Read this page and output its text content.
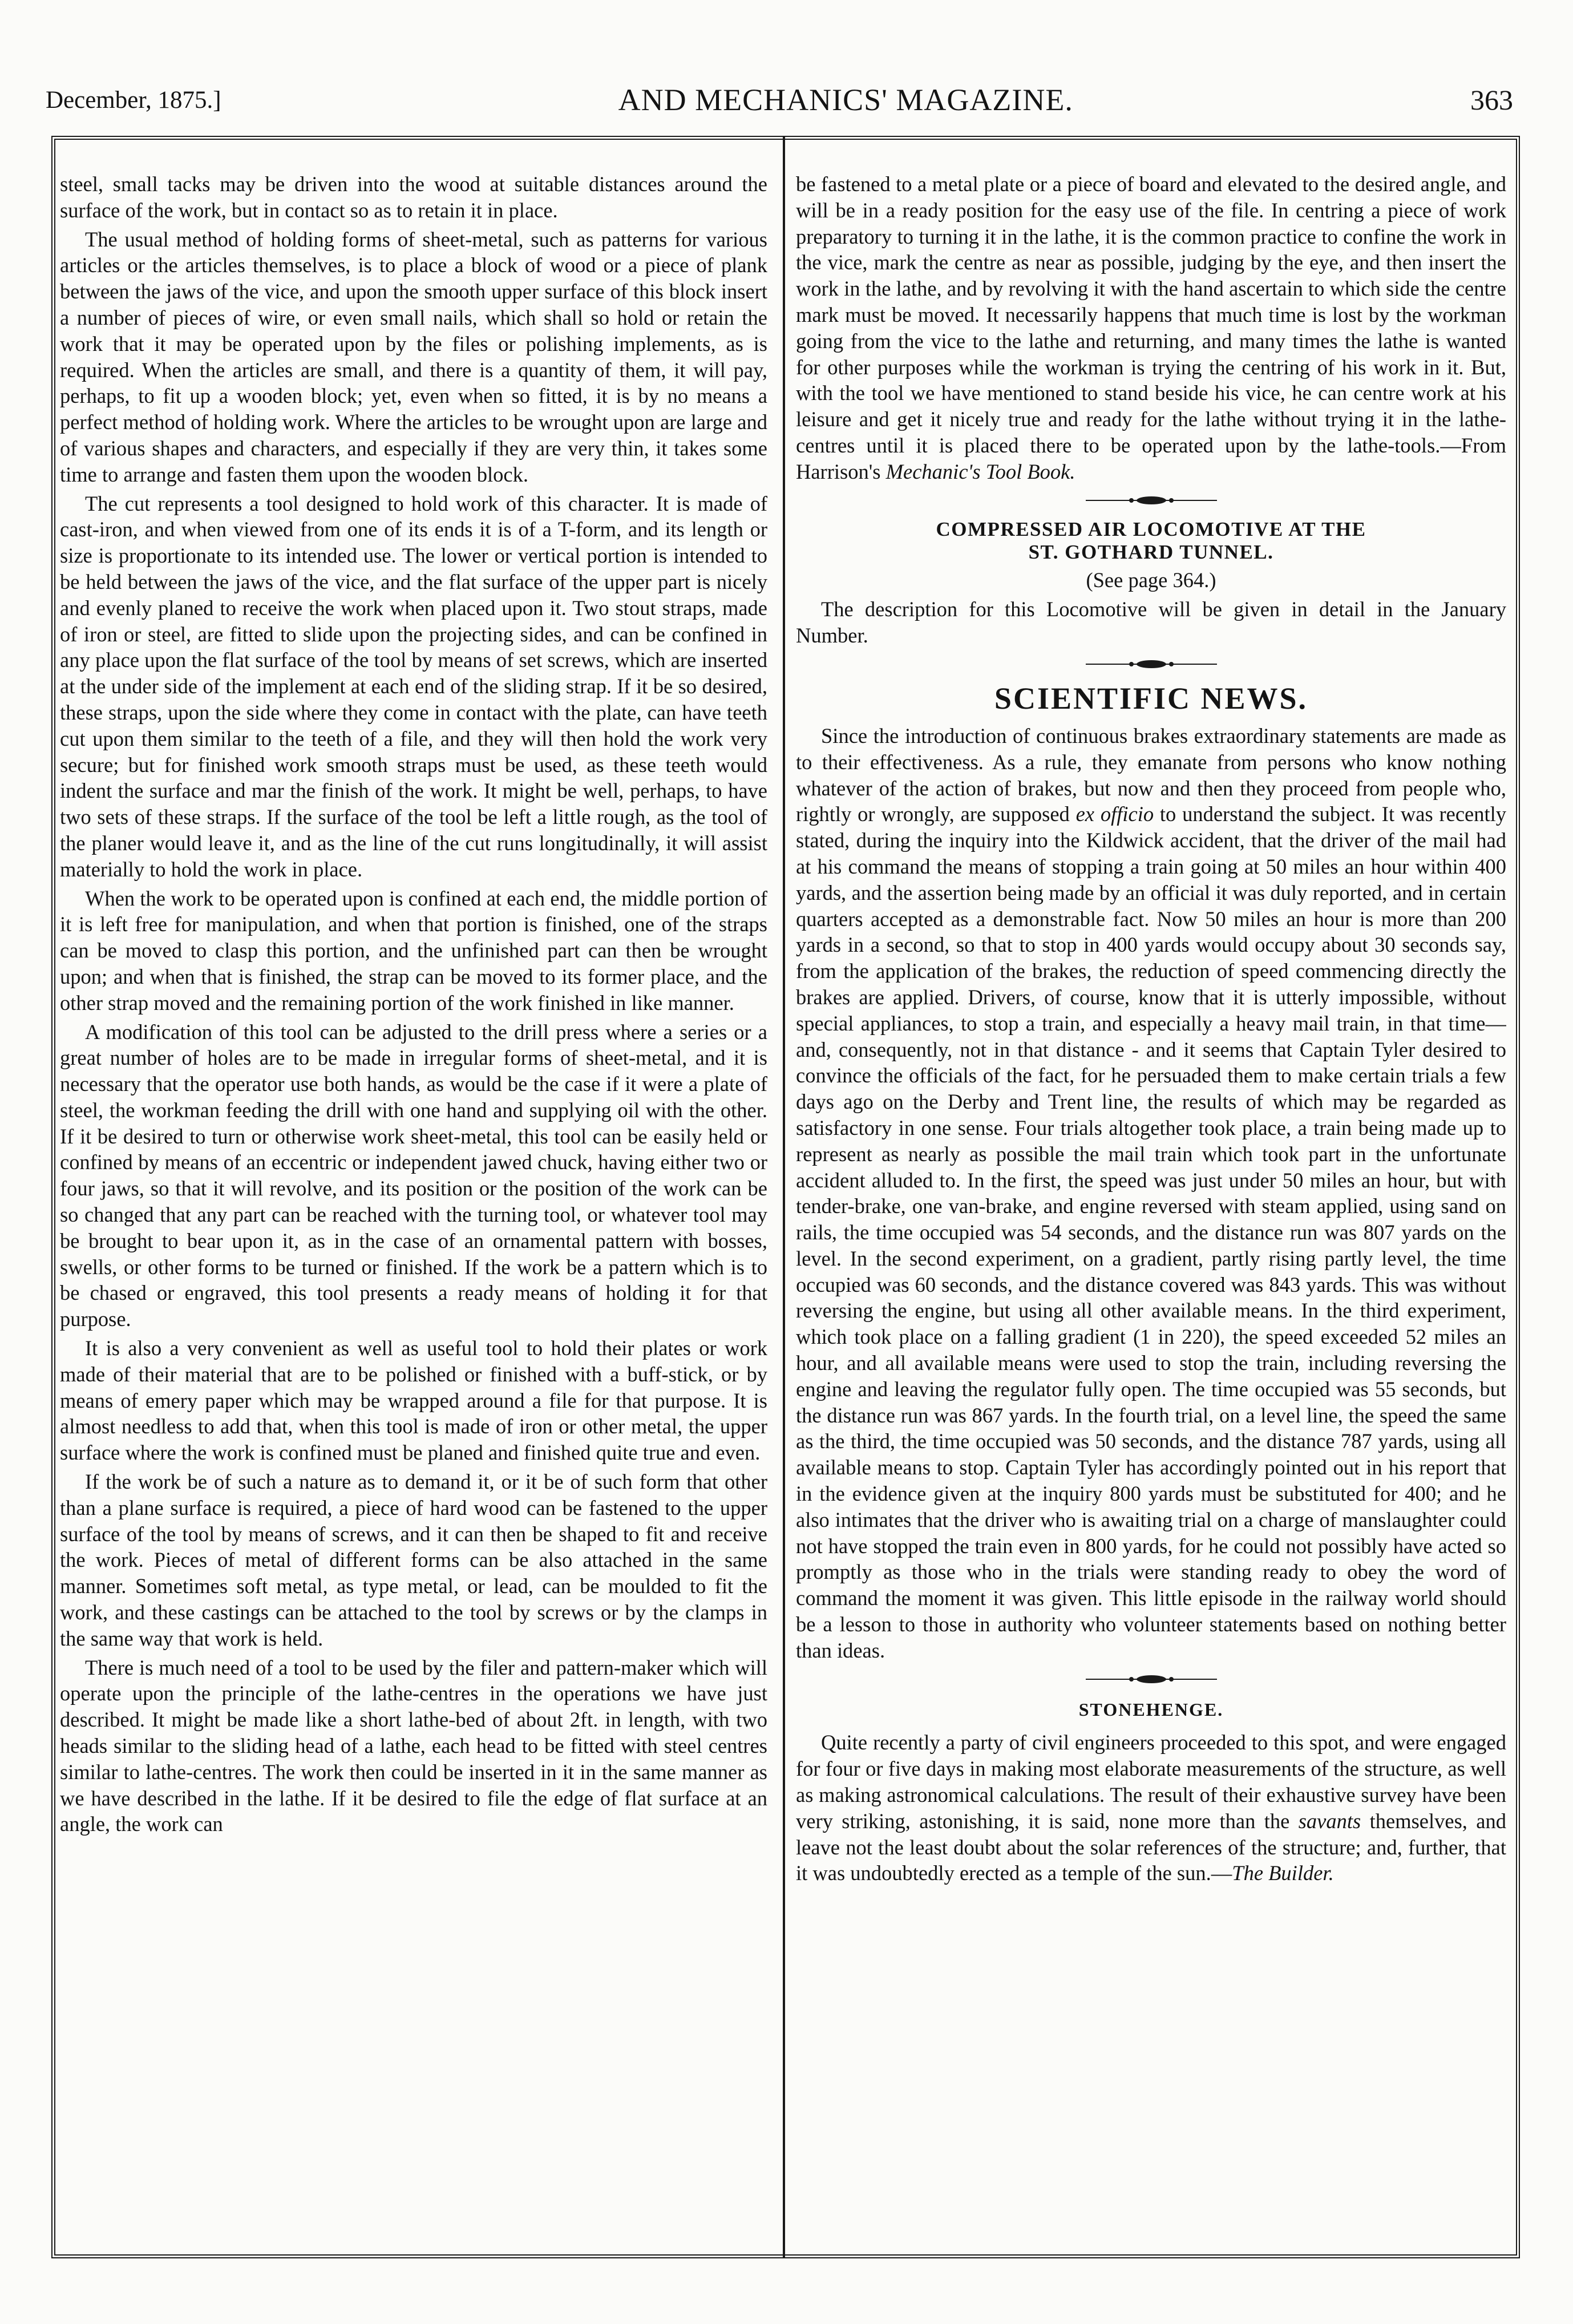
December, 1875.]	AND MECHANICS' MAGAZINE.	363

steel, small tacks may be driven into the wood at suitable distances around the surface of the work, but in contact so as to retain it in place.

The usual method of holding forms of sheet-metal, such as patterns for various articles or the articles themselves, is to place a block of wood or a piece of plank between the jaws of the vice, and upon the smooth upper surface of this block insert a number of pieces of wire, or even small nails, which shall so hold or retain the work that it may be operated upon by the files or polishing implements, as is required. When the articles are small, and there is a quantity of them, it will pay, perhaps, to fit up a wooden block; yet, even when so fitted, it is by no means a perfect method of holding work. Where the articles to be wrought upon are large and of various shapes and characters, and especially if they are very thin, it takes some time to arrange and fasten them upon the wooden block.

The cut represents a tool designed to hold work of this character. It is made of cast-iron, and when viewed from one of its ends it is of a T-form, and its length or size is proportionate to its intended use. The lower or vertical portion is intended to be held between the jaws of the vice, and the flat surface of the upper part is nicely and evenly planed to receive the work when placed upon it. Two stout straps, made of iron or steel, are fitted to slide upon the projecting sides, and can be confined in any place upon the flat surface of the tool by means of set screws, which are inserted at the under side of the implement at each end of the sliding strap. If it be so desired, these straps, upon the side where they come in contact with the plate, can have teeth cut upon them similar to the teeth of a file, and they will then hold the work very secure; but for finished work smooth straps must be used, as these teeth would indent the surface and mar the finish of the work. It might be well, perhaps, to have two sets of these straps. If the surface of the tool be left a little rough, as the tool of the planer would leave it, and as the line of the cut runs longitudinally, it will assist materially to hold the work in place.

When the work to be operated upon is confined at each end, the middle portion of it is left free for manipulation, and when that portion is finished, one of the straps can be moved to clasp this portion, and the unfinished part can then be wrought upon; and when that is finished, the strap can be moved to its former place, and the other strap moved and the remaining portion of the work finished in like manner.

A modification of this tool can be adjusted to the drill press where a series or a great number of holes are to be made in irregular forms of sheet-metal, and it is necessary that the operator use both hands, as would be the case if it were a plate of steel, the workman feeding the drill with one hand and supplying oil with the other. If it be desired to turn or otherwise work sheet-metal, this tool can be easily held or confined by means of an eccentric or independent jawed chuck, having either two or four jaws, so that it will revolve, and its position or the position of the work can be so changed that any part can be reached with the turning tool, or whatever tool may be brought to bear upon it, as in the case of an ornamental pattern with bosses, swells, or other forms to be turned or finished. If the work be a pattern which is to be chased or engraved, this tool presents a ready means of holding it for that purpose.

It is also a very convenient as well as useful tool to hold their plates or work made of their material that are to be polished or finished with a buff-stick, or by means of emery paper which may be wrapped around a file for that purpose. It is almost needless to add that, when this tool is made of iron or other metal, the upper surface where the work is confined must be planed and finished quite true and even.

If the work be of such a nature as to demand it, or it be of such form that other than a plane surface is required, a piece of hard wood can be fastened to the upper surface of the tool by means of screws, and it can then be shaped to fit and receive the work. Pieces of metal of different forms can be also attached in the same manner. Sometimes soft metal, as type metal, or lead, can be moulded to fit the work, and these castings can be attached to the tool by screws or by the clamps in the same way that work is held.

There is much need of a tool to be used by the filer and pattern-maker which will operate upon the principle of the lathe-centres in the operations we have just described. It might be made like a short lathe-bed of about 2ft. in length, with two heads similar to the sliding head of a lathe, each head to be fitted with steel centres similar to lathe-centres. The work then could be inserted in it in the same manner as we have described in the lathe. If it be desired to file the edge of flat surface at an angle, the work can

be fastened to a metal plate or a piece of board and elevated to the desired angle, and will be in a ready position for the easy use of the file. In centring a piece of work preparatory to turning it in the lathe, it is the common practice to confine the work in the vice, mark the centre as near as possible, judging by the eye, and then insert the work in the lathe, and by revolving it with the hand ascertain to which side the centre mark must be moved. It necessarily happens that much time is lost by the workman going from the vice to the lathe and returning, and many times the lathe is wanted for other purposes while the workman is trying the centring of his work in it. But, with the tool we have mentioned to stand beside his vice, he can centre work at his leisure and get it nicely true and ready for the lathe without trying it in the lathe-centres until it is placed there to be operated upon by the lathe-tools.—From Harrison's Mechanic's Tool Book.

COMPRESSED AIR LOCOMOTIVE AT THE
ST. GOTHARD TUNNEL.
(See page 364.)

The description for this Locomotive will be given in detail in the January Number.

SCIENTIFIC NEWS.

Since the introduction of continuous brakes extraordinary statements are made as to their effectiveness. As a rule, they emanate from persons who know nothing whatever of the action of brakes, but now and then they proceed from people who, rightly or wrongly, are supposed ex officio to understand the subject. It was recently stated, during the inquiry into the Kildwick accident, that the driver of the mail had at his command the means of stopping a train going at 50 miles an hour within 400 yards, and the assertion being made by an official it was duly reported, and in certain quarters accepted as a demonstrable fact. Now 50 miles an hour is more than 200 yards in a second, so that to stop in 400 yards would occupy about 30 seconds say, from the application of the brakes, the reduction of speed commencing directly the brakes are applied. Drivers, of course, know that it is utterly impossible, without special appliances, to stop a train, and especially a heavy mail train, in that time—and, consequently, not in that distance - and it seems that Captain Tyler desired to convince the officials of the fact, for he persuaded them to make certain trials a few days ago on the Derby and Trent line, the results of which may be regarded as satisfactory in one sense. Four trials altogether took place, a train being made up to represent as nearly as possible the mail train which took part in the unfortunate accident alluded to. In the first, the speed was just under 50 miles an hour, but with tender-brake, one van-brake, and engine reversed with steam applied, using sand on rails, the time occupied was 54 seconds, and the distance run was 807 yards on the level. In the second experiment, on a gradient, partly rising partly level, the time occupied was 60 seconds, and the distance covered was 843 yards. This was without reversing the engine, but using all other available means. In the third experiment, which took place on a falling gradient (1 in 220), the speed exceeded 52 miles an hour, and all available means were used to stop the train, including reversing the engine and leaving the regulator fully open. The time occupied was 55 seconds, but the distance run was 867 yards. In the fourth trial, on a level line, the speed the same as the third, the time occupied was 50 seconds, and the distance 787 yards, using all available means to stop. Captain Tyler has accordingly pointed out in his report that in the evidence given at the inquiry 800 yards must be substituted for 400; and he also intimates that the driver who is awaiting trial on a charge of manslaughter could not have stopped the train even in 800 yards, for he could not possibly have acted so promptly as those who in the trials were standing ready to obey the word of command the moment it was given. This little episode in the railway world should be a lesson to those in authority who volunteer statements based on nothing better than ideas.

STONEHENGE.

Quite recently a party of civil engineers proceeded to this spot, and were engaged for four or five days in making most elaborate measurements of the structure, as well as making astronomical calculations. The result of their exhaustive survey have been very striking, astonishing, it is said, none more than the savants themselves, and leave not the least doubt about the solar references of the structure; and, further, that it was undoubtedly erected as a temple of the sun.—The Builder.
